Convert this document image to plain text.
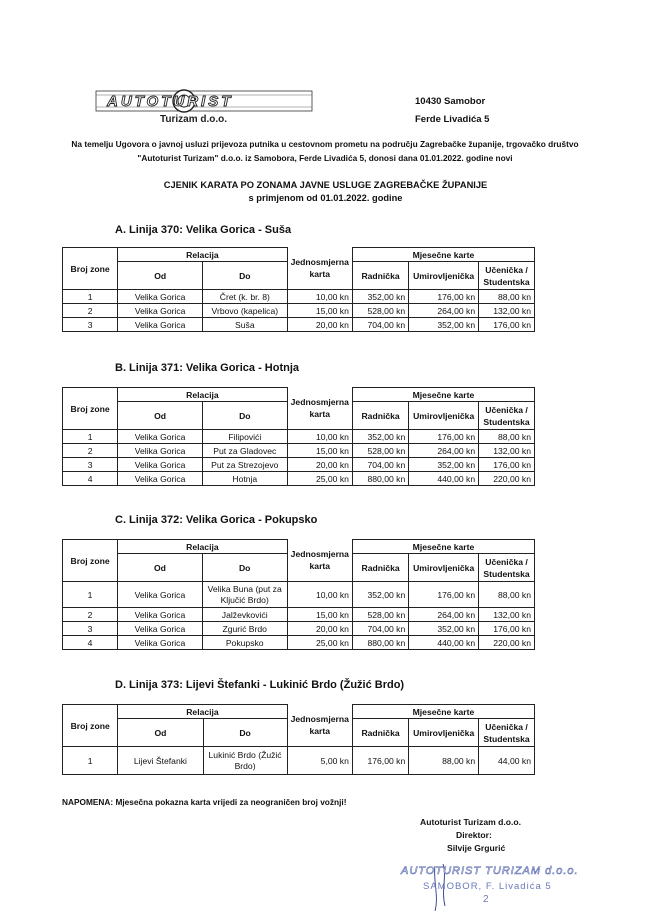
AUTOTURIST
Turizam d.o.o.
10430 Samobor
Ferde Livadića 5
Na temelju Ugovora o javnoj usluzi prijevoza putnika u cestovnom prometu na području Zagrebačke županije, trgovačko društvo
"Autoturist Turizam" d.o.o. iz Samobora, Ferde Livadića 5, donosi dana 01.01.2022. godine novi
CJENIK KARATA PO ZONAMA JAVNE USLUGE ZAGREBAČKE ŽUPANIJE
s primjenom od 01.01.2022. godine
A. Linija 370: Velika Gorica - Suša
Broj zone	Relacija		Jednosmjerna
karta	Mjesečne karte		
	Od	Do		Radnička	Umirovljenička	Učenička /
Studentska
1	Velika Gorica	Čret (k. br. 8)	10,00 kn	352,00 kn	176,00 kn	88,00 kn
2	Velika Gorica	Vrbovo (kapelica)	15,00 kn	528,00 kn	264,00 kn	132,00 kn
3	Velika Gorica	Suša	20,00 kn	704,00 kn	352,00 kn	176,00 kn
B. Linija 371: Velika Gorica - Hotnja
Broj zone	Relacija		Jednosmjerna
karta	Mjesečne karte		
	Od	Do		Radnička	Umirovljenička	Učenička /
Studentska
1	Velika Gorica	Filipovići	10,00 kn	352,00 kn	176,00 kn	88,00 kn
2	Velika Gorica	Put za Gladovec	15,00 kn	528,00 kn	264,00 kn	132,00 kn
3	Velika Gorica	Put za Strezojevo	20,00 kn	704,00 kn	352,00 kn	176,00 kn
4	Velika Gorica	Hotnja	25,00 kn	880,00 kn	440,00 kn	220,00 kn
C. Linija 372: Velika Gorica - Pokupsko
Broj zone	Relacija		Jednosmjerna
karta	Mjesečne karte		
	Od	Do		Radnička	Umirovljenička	Učenička /
Studentska
1	Velika Gorica	Velika Buna (put za Ključić Brdo)	10,00 kn	352,00 kn	176,00 kn	88,00 kn
2	Velika Gorica	Jalževkovići	15,00 kn	528,00 kn	264,00 kn	132,00 kn
3	Velika Gorica	Zgurić Brdo	20,00 kn	704,00 kn	352,00 kn	176,00 kn
4	Velika Gorica	Pokupsko	25,00 kn	880,00 kn	440,00 kn	220,00 kn
D. Linija 373: Lijevi Štefanki - Lukinić Brdo (Žužić Brdo)
Broj zone	Relacija		Jednosmjerna
karta	Mjesečne karte		
	Od	Do		Radnička	Umirovljenička	Učenička /
Studentska
1	Lijevi Štefanki	Lukinić Brdo (Žužić Brdo)	5,00 kn	176,00 kn	88,00 kn	44,00 kn
NAPOMENA: Mjesečna pokazna karta vrijedi za neograničen broj vožnji!
Autoturist Turizam d.o.o.
Direktor:
Silvije Grgurić
AUTOTURIST TURIZAM d.o.o.
SAMOBOR, F. Livadića 5
2
